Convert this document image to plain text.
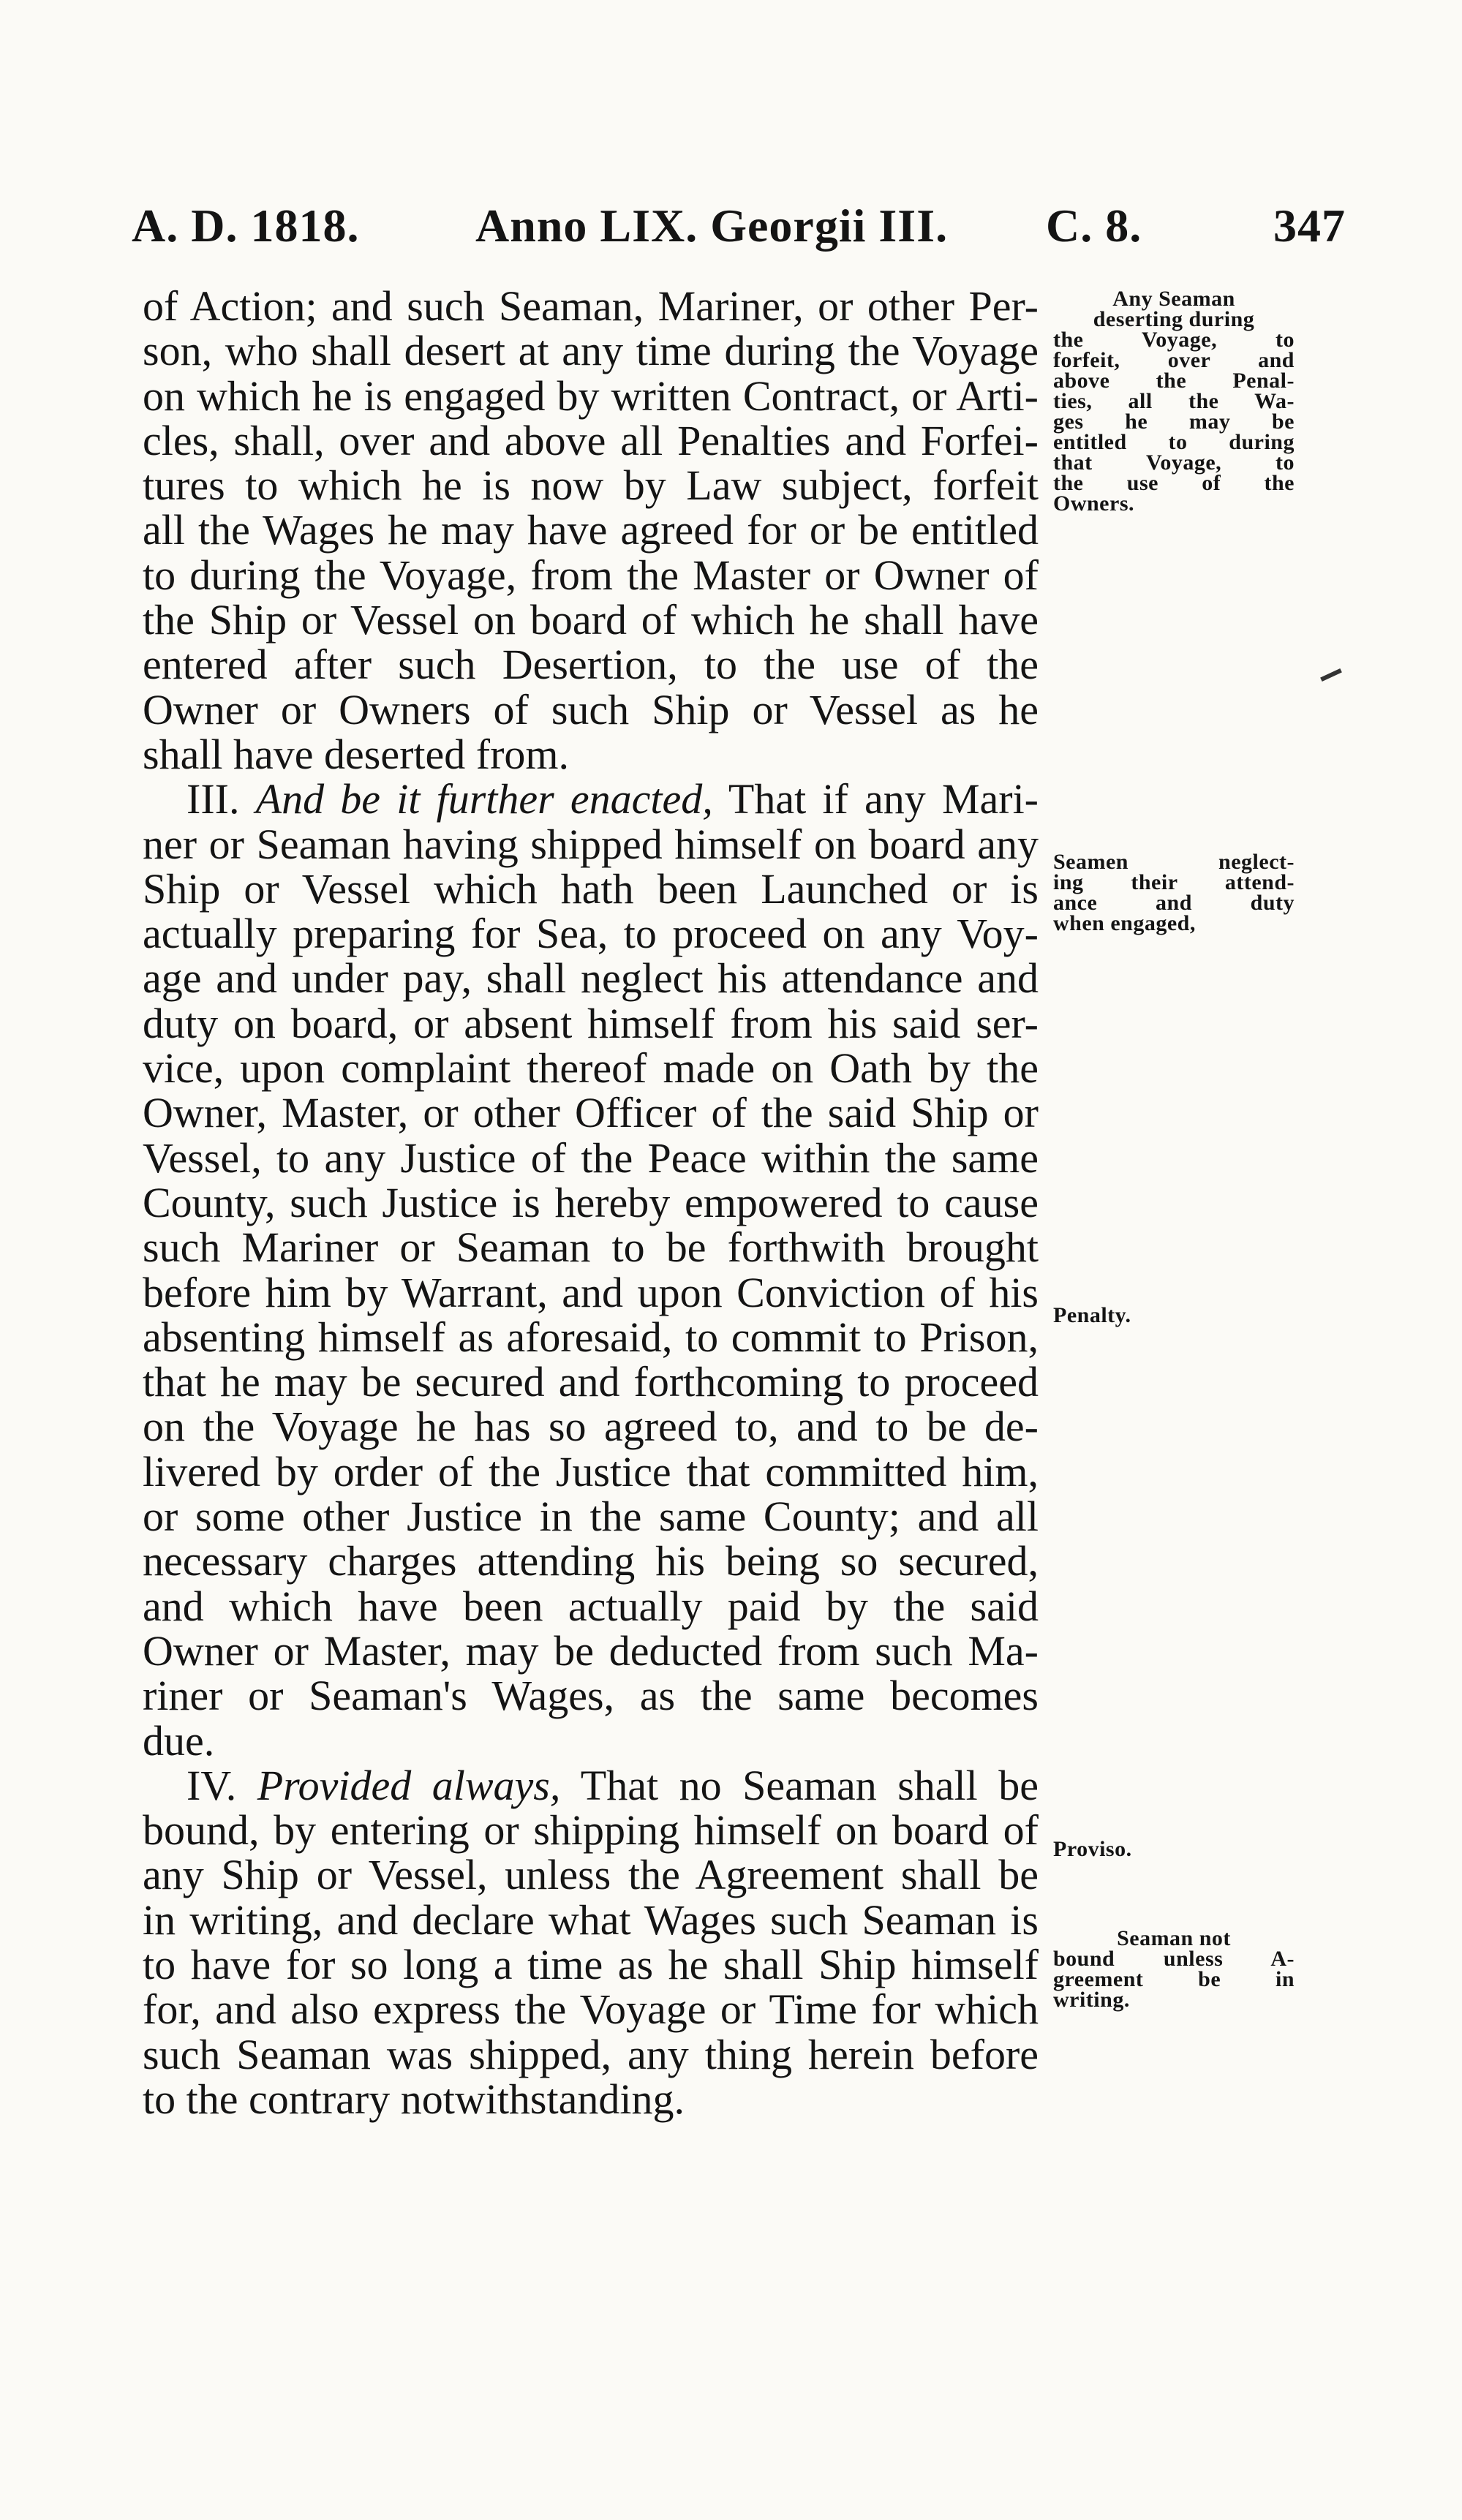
A. D. 1818. Anno LIX. Georgii III. C. 8.	347
of Action; and such Seaman, Mariner, or other Per-
son, who shall desert at any time during the Voyage
on which he is engaged by written Contract, or Arti-
cles, shall, over and above all Penalties and Forfei-
tures to which he is now by Law subject, forfeit
all the Wages he may have agreed for or be entitled
to during the Voyage, from the Master or Owner of
the Ship or Vessel on board of which he shall have
entered after such Desertion, to the use of the
Owner or Owners of such Ship or Vessel as he
shall have deserted from.
III. And be it further enacted, That if any Mari-
ner or Seaman having shipped himself on board any
Ship or Vessel which hath been Launched or is
actually preparing for Sea, to proceed on any Voy-
age and under pay, shall neglect his attendance and
duty on board, or absent himself from his said ser-
vice, upon complaint thereof made on Oath by the
Owner, Master, or other Officer of the said Ship or
Vessel, to any Justice of the Peace within the same
County, such Justice is hereby empowered to cause
such Mariner or Seaman to be forthwith brought
before him by Warrant, and upon Conviction of his
absenting himself as aforesaid, to commit to Prison,
that he may be secured and forthcoming to proceed
on the Voyage he has so agreed to, and to be de-
livered by order of the Justice that committed him,
or some other Justice in the same County; and all
necessary charges attending his being so secured,
and which have been actually paid by the said
Owner or Master, may be deducted from such Ma-
riner or Seaman's Wages, as the same becomes
due.
IV. Provided always, That no Seaman shall be
bound, by entering or shipping himself on board of
any Ship or Vessel, unless the Agreement shall be
in writing, and declare what Wages such Seaman is
to have for so long a time as he shall Ship himself
for, and also express the Voyage or Time for which
such Seaman was shipped, any thing herein before
to the contrary notwithstanding.
Any Seaman
deserting during
the Voyage, to
forfeit, over and
above the Penal-
ties, all the Wa-
ges he may be
entitled to during
that Voyage, to
the use of the
Owners.
Seamen neglect-
ing their attend-
ance and duty
when engaged,
Penalty.
Proviso.
Seaman not
bound unless A-
greement be in
writing.
